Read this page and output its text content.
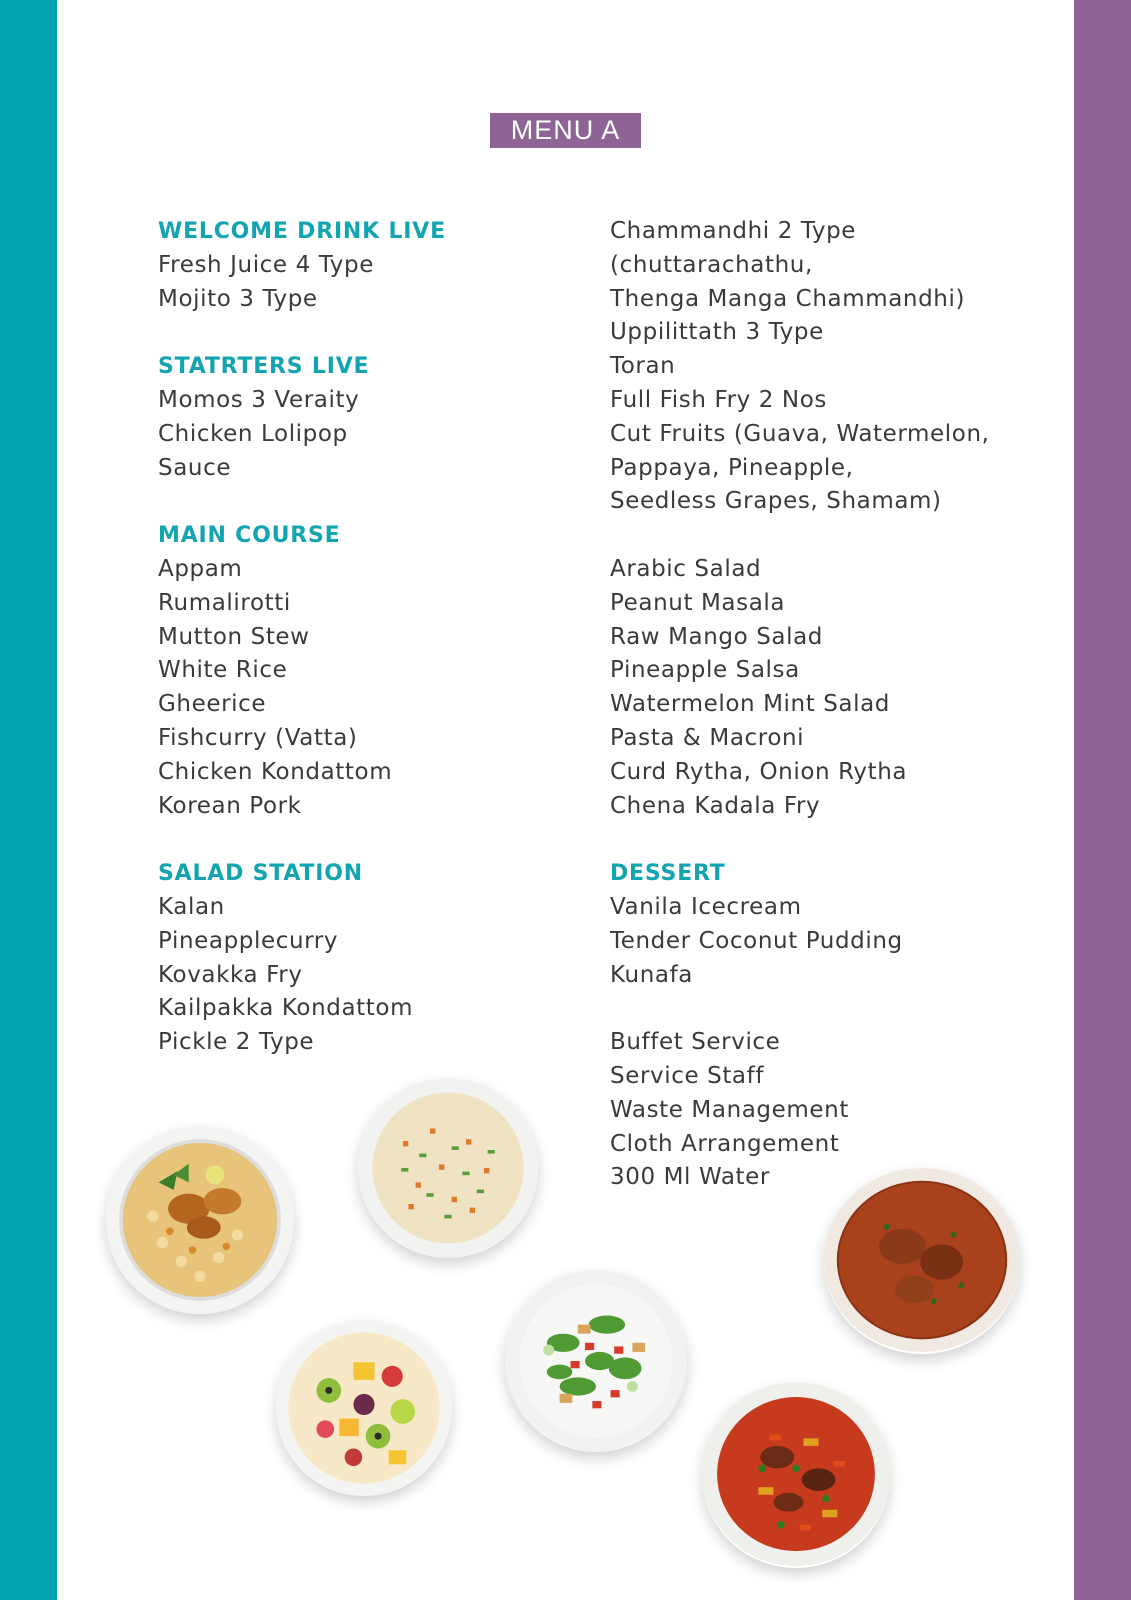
MENU A
WELCOME DRINK LIVE
Fresh Juice 4 Type
Mojito 3 Type
STATRTERS LIVE
Momos 3 Veraity
Chicken Lolipop
Sauce
MAIN COURSE
Appam
Rumalirotti
Mutton Stew
White Rice
Gheerice
Fishcurry (Vatta)
Chicken Kondattom
Korean Pork
SALAD STATION
Kalan
Pineapplecurry
Kovakka Fry
Kailpakka Kondattom
Pickle 2 Type
Chammandhi 2 Type
(chuttarachathu,
Thenga Manga Chammandhi)
Uppilittath 3 Type
Toran
Full Fish Fry 2 Nos
Cut Fruits (Guava, Watermelon,
Pappaya, Pineapple,
Seedless Grapes, Shamam)
Arabic Salad
Peanut Masala
Raw Mango Salad
Pineapple Salsa
Watermelon Mint Salad
Pasta & Macroni
Curd Rytha, Onion Rytha
Chena Kadala Fry
DESSERT
Vanila Icecream
Tender Coconut Pudding
Kunafa
Buffet Service
Service Staff
Waste Management
Cloth Arrangement
300 Ml Water
